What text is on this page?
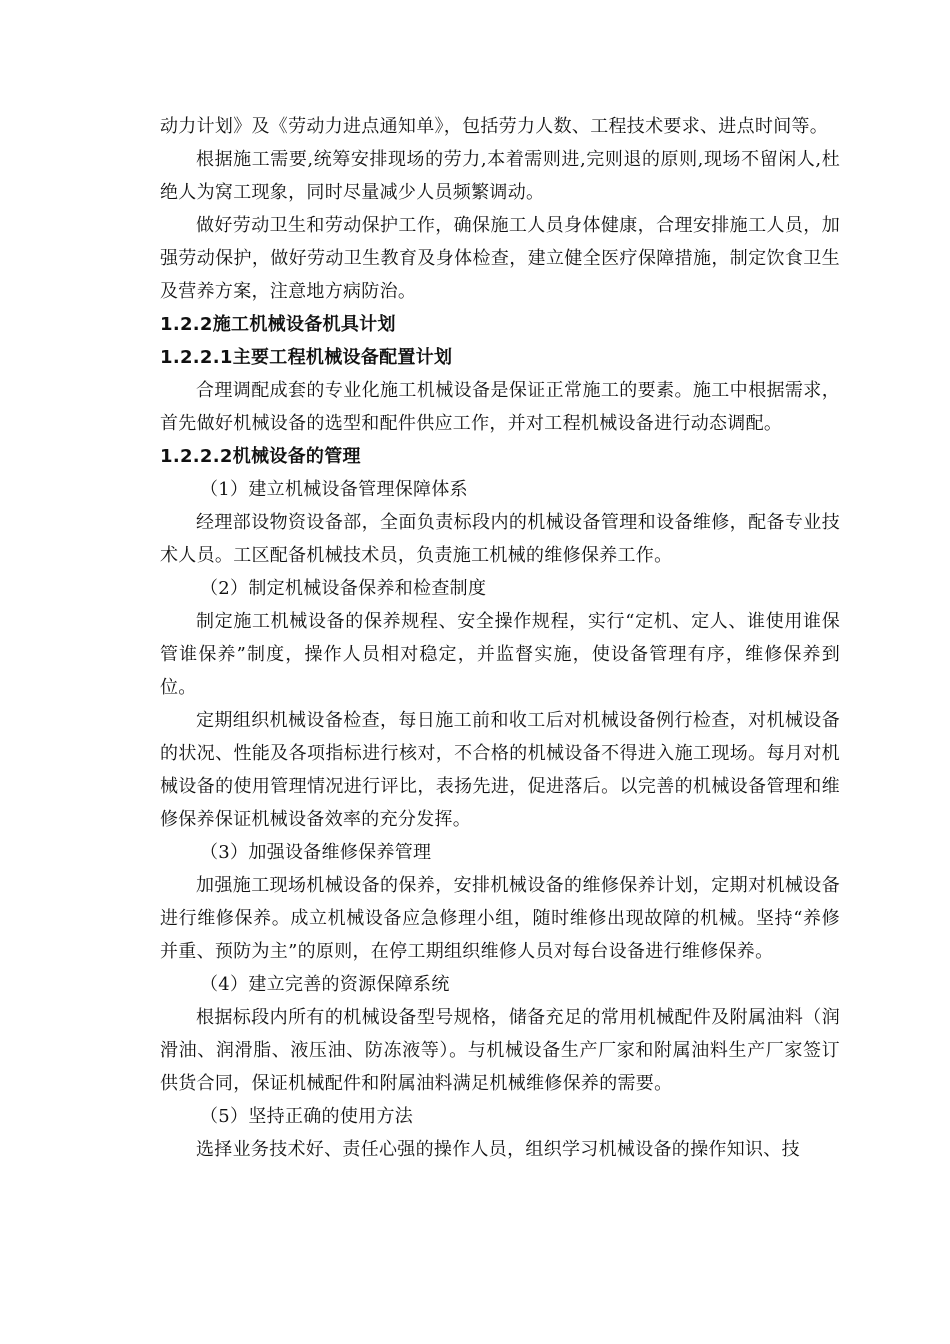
动力计划》及《劳动力进点通知单》，包括劳力人数、工程技术要求、进点时间等。

根据施工需要,统筹安排现场的劳力,本着需则进,完则退的原则,现场不留闲人,杜绝人为窝工现象，同时尽量减少人员频繁调动。

做好劳动卫生和劳动保护工作，确保施工人员身体健康，合理安排施工人员，加强劳动保护，做好劳动卫生教育及身体检查，建立健全医疗保障措施，制定饮食卫生及营养方案，注意地方病防治。

1.2.2施工机械设备机具计划

1.2.2.1主要工程机械设备配置计划

合理调配成套的专业化施工机械设备是保证正常施工的要素。施工中根据需求，首先做好机械设备的选型和配件供应工作，并对工程机械设备进行动态调配。

1.2.2.2机械设备的管理

（1）建立机械设备管理保障体系

经理部设物资设备部，全面负责标段内的机械设备管理和设备维修，配备专业技术人员。工区配备机械技术员，负责施工机械的维修保养工作。

（2）制定机械设备保养和检查制度

制定施工机械设备的保养规程、安全操作规程，实行“定机、定人、谁使用谁保管谁保养”制度，操作人员相对稳定，并监督实施，使设备管理有序，维修保养到位。

定期组织机械设备检查，每日施工前和收工后对机械设备例行检查，对机械设备的状况、性能及各项指标进行核对，不合格的机械设备不得进入施工现场。每月对机械设备的使用管理情况进行评比，表扬先进，促进落后。以完善的机械设备管理和维修保养保证机械设备效率的充分发挥。

（3）加强设备维修保养管理

加强施工现场机械设备的保养，安排机械设备的维修保养计划，定期对机械设备进行维修保养。成立机械设备应急修理小组，随时维修出现故障的机械。坚持“养修并重、预防为主”的原则，在停工期组织维修人员对每台设备进行维修保养。

（4）建立完善的资源保障系统

根据标段内所有的机械设备型号规格，储备充足的常用机械配件及附属油料（润滑油、润滑脂、液压油、防冻液等）。与机械设备生产厂家和附属油料生产厂家签订供货合同，保证机械配件和附属油料满足机械维修保养的需要。

（5）坚持正确的使用方法

选择业务技术好、责任心强的操作人员，组织学习机械设备的操作知识、技
